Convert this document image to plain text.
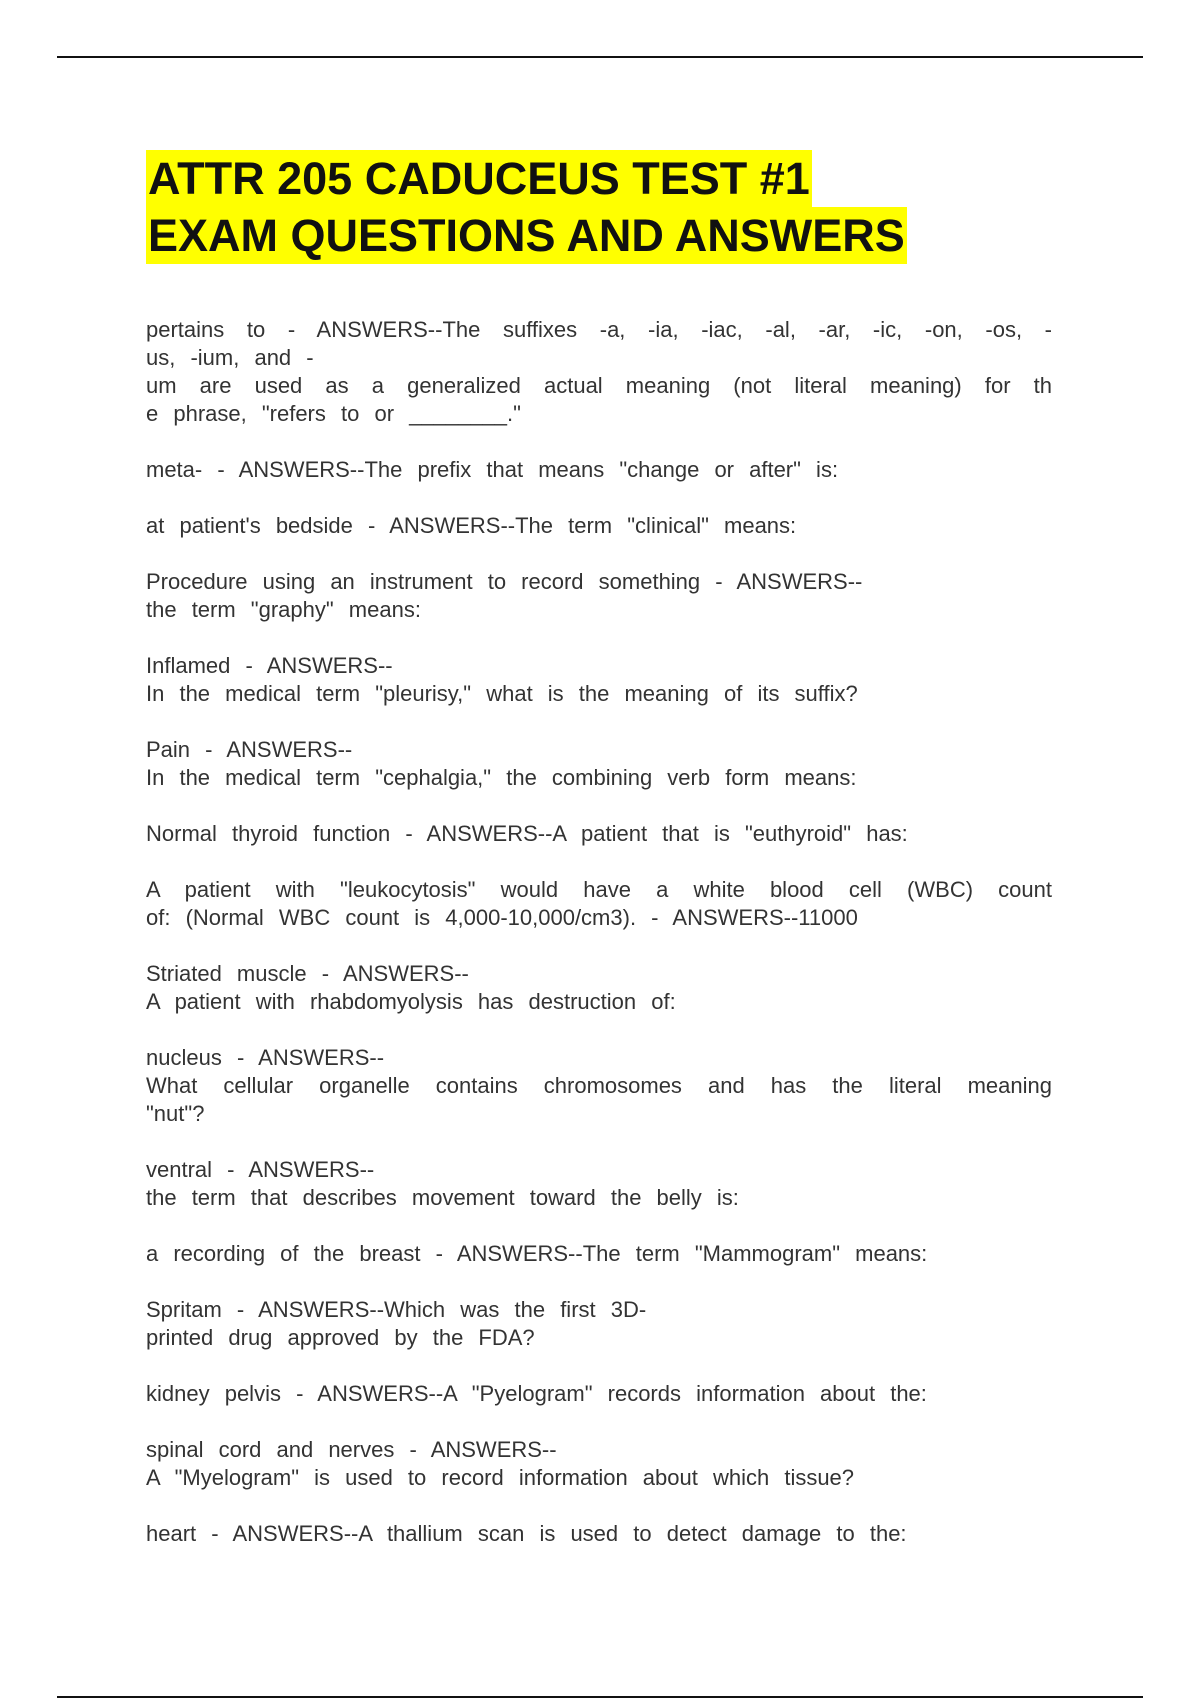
ATTR 205 CADUCEUS TEST #1
EXAM QUESTIONS AND ANSWERS
pertains to - ANSWERS--The suffixes -a, -ia, -iac, -al, -ar, -ic, -on, -os, -
us, -ium, and -
um are used as a generalized actual meaning (not literal meaning) for th
e phrase, "refers to or ________."
meta- - ANSWERS--The prefix that means "change or after" is:
at patient's bedside - ANSWERS--The term "clinical" means:
Procedure using an instrument to record something - ANSWERS--
the term "graphy" means:
Inflamed - ANSWERS--
In the medical term "pleurisy," what is the meaning of its suffix?
Pain - ANSWERS--
In the medical term "cephalgia," the combining verb form means:
Normal thyroid function - ANSWERS--A patient that is "euthyroid" has:
A patient with "leukocytosis" would have a white blood cell (WBC) count
of: (Normal WBC count is 4,000-10,000/cm3). - ANSWERS--11000
Striated muscle - ANSWERS--
A patient with rhabdomyolysis has destruction of:
nucleus - ANSWERS--
What cellular organelle contains chromosomes and has the literal meaning
"nut"?
ventral - ANSWERS--
the term that describes movement toward the belly is:
a recording of the breast - ANSWERS--The term "Mammogram" means:
Spritam - ANSWERS--Which was the first 3D-
printed drug approved by the FDA?
kidney pelvis - ANSWERS--A "Pyelogram" records information about the:
spinal cord and nerves - ANSWERS--
A "Myelogram" is used to record information about which tissue?
heart - ANSWERS--A thallium scan is used to detect damage to the:
